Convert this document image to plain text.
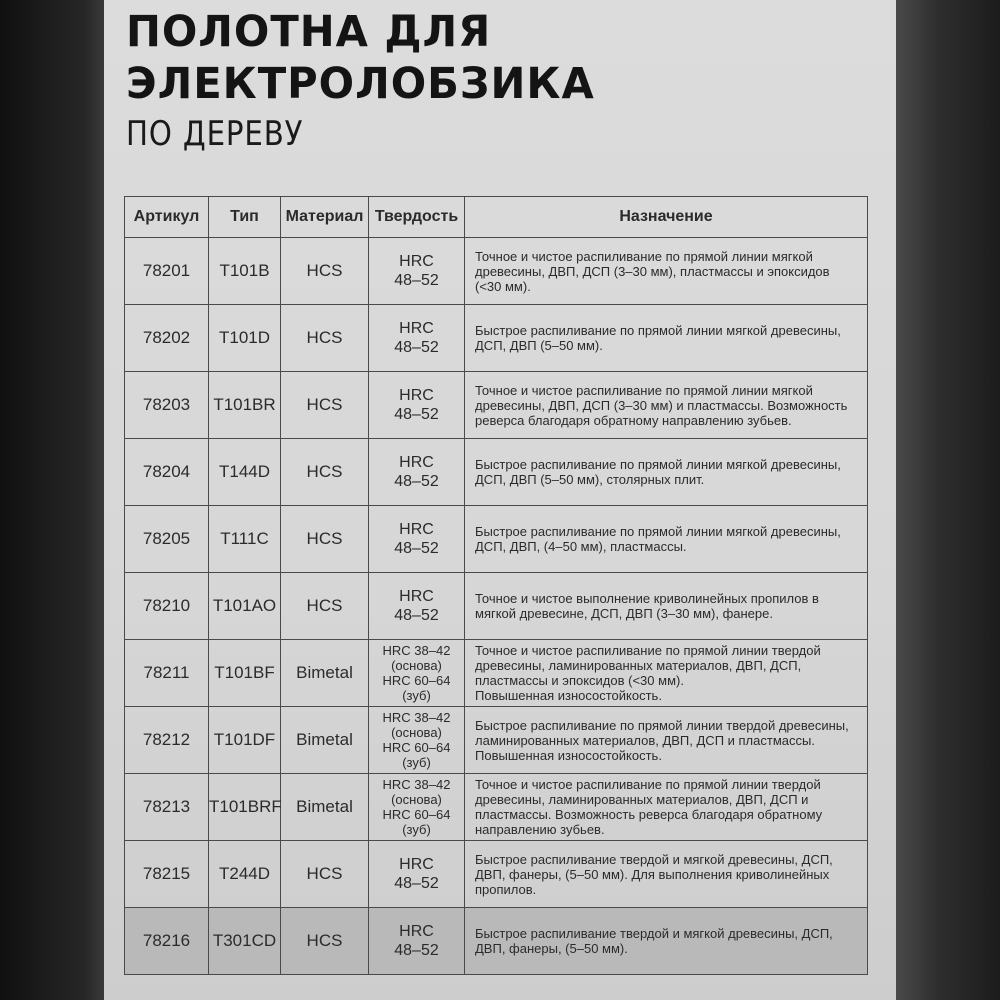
ПОЛОТНА ДЛЯ ЭЛЕКТРОЛОБЗИКА
ПО ДЕРЕВУ
Артикул	Тип	Материал	Твердость	Назначение
78201	T101B	HCS	HRC
48–52	Точное и чистое распиливание по прямой линии мягкой древесины, ДВП, ДСП (3–30 мм), пластмассы и эпоксидов (<30 мм).
78202	T101D	HCS	HRC
48–52	Быстрое распиливание по прямой линии мягкой древесины, ДСП, ДВП (5–50 мм).
78203	T101BR	HCS	HRC
48–52	Точное и чистое распиливание по прямой линии мягкой древесины, ДВП, ДСП (3–30 мм) и пластмассы. Возможность реверса благодаря обратному направлению зубьев.
78204	T144D	HCS	HRC
48–52	Быстрое распиливание по прямой линии мягкой древесины, ДСП, ДВП (5–50 мм), столярных плит.
78205	T111C	HCS	HRC
48–52	Быстрое распиливание по прямой линии мягкой древесины, ДСП, ДВП, (4–50 мм), пластмассы.
78210	T101AO	HCS	HRC
48–52	Точное и чистое выполнение криволинейных пропилов в мягкой древесине, ДСП, ДВП (3–30 мм), фанере.
78211	T101BF	Bimetal	HRC 38–42
(основа)
HRC 60–64
(зуб)	Точное и чистое распиливание по прямой линии твердой древесины, ламинированных материалов, ДВП, ДСП, пластмассы и эпоксидов (<30 мм).
Повышенная износостойкость.
78212	T101DF	Bimetal	HRC 38–42
(основа)
HRC 60–64
(зуб)	Быстрое распиливание по прямой линии твердой древесины, ламинированных материалов, ДВП, ДСП и пластмассы. Повышенная износостойкость.
78213	T101BRF	Bimetal	HRC 38–42
(основа)
HRC 60–64
(зуб)	Точное и чистое распиливание по прямой линии твердой древесины, ламинированных материалов, ДВП, ДСП и пластмассы. Возможность реверса благодаря обратному направлению зубьев.
78215	T244D	HCS	HRC
48–52	Быстрое распиливание твердой и мягкой древесины, ДСП, ДВП, фанеры, (5–50 мм). Для выполнения криволинейных пропилов.
78216	T301CD	HCS	HRC
48–52	Быстрое распиливание твердой и мягкой древесины, ДСП, ДВП, фанеры, (5–50 мм).
